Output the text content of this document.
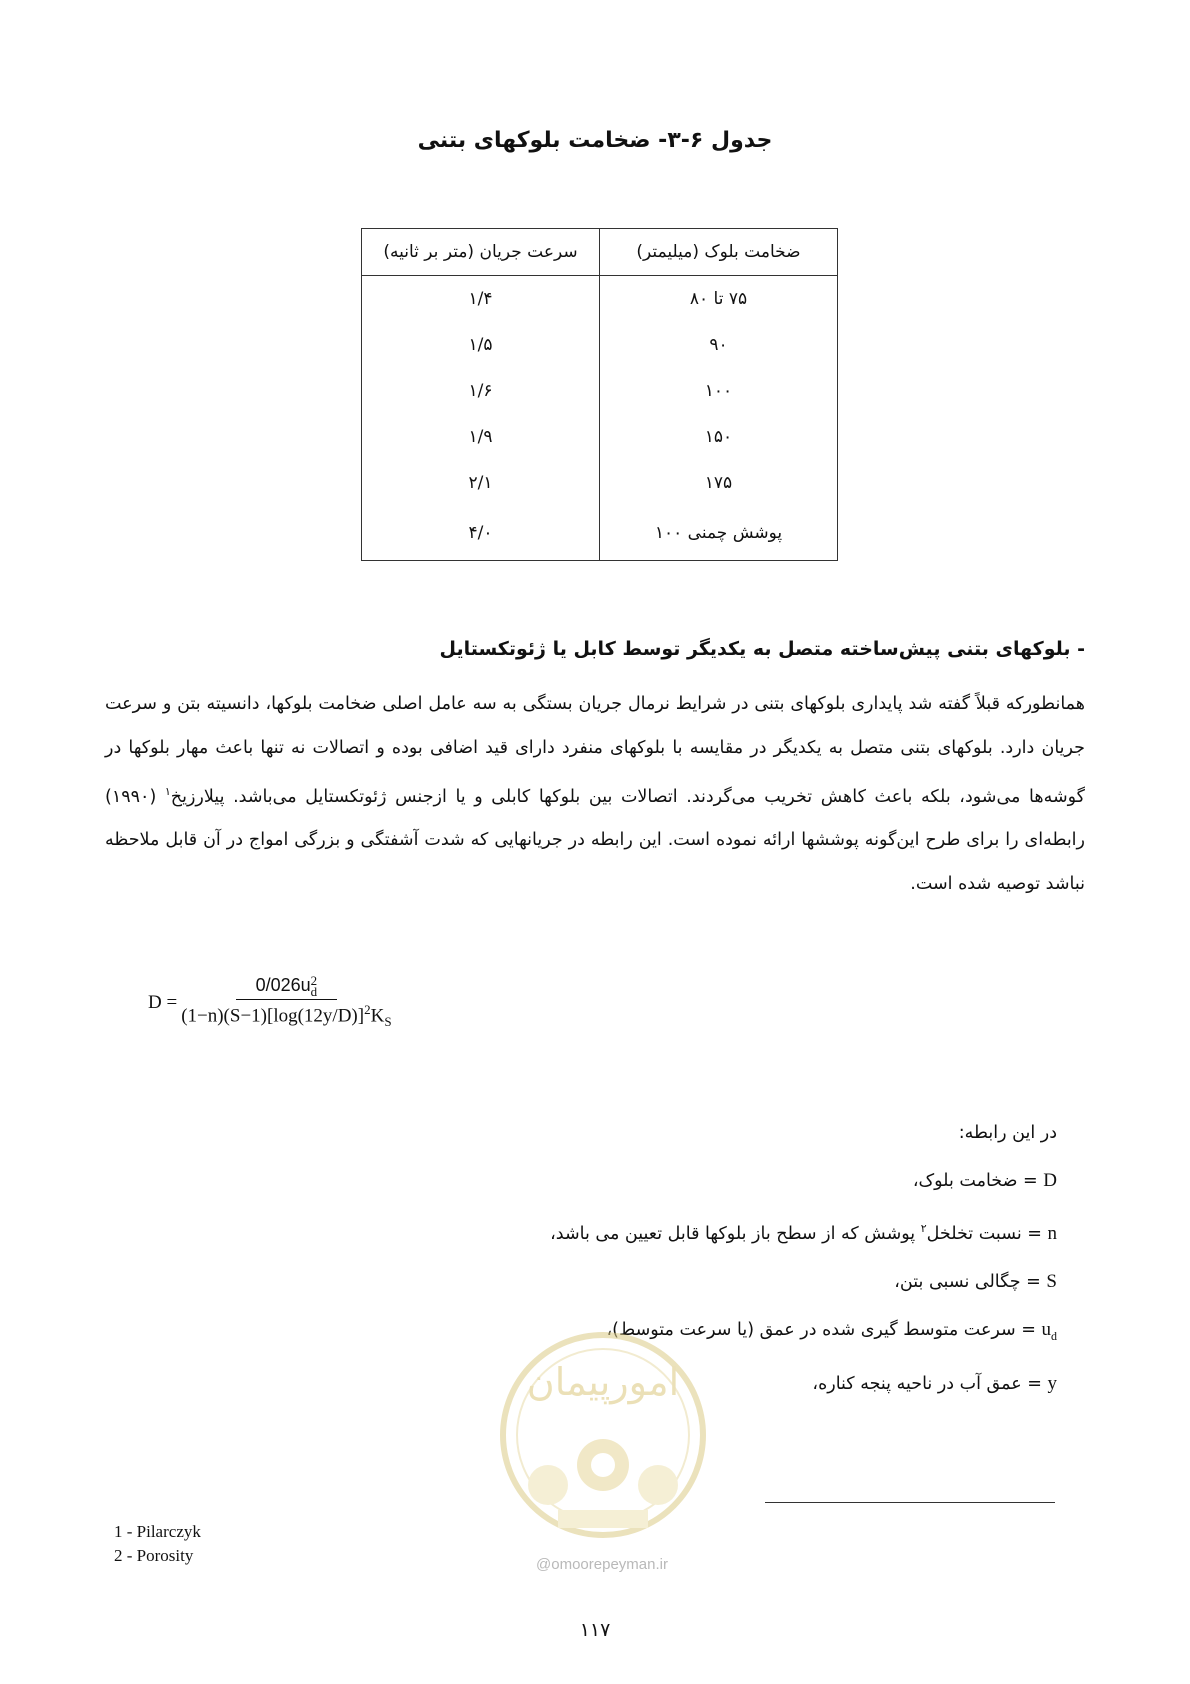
جدول ۶-۳- ضخامت بلوکهای بتنی
ضخامت بلوک (میلیمتر)	سرعت جریان (متر بر ثانیه)
۷۵ تا ۸۰	۱/۴
۹۰	۱/۵
۱۰۰	۱/۶
۱۵۰	۱/۹
۱۷۵	۲/۱
پوشش چمنی ۱۰۰	۴/۰
- بلوکهای بتنی پیش‌ساخته متصل به یکدیگر توسط کابل یا ژئوتکستایل

همانطورکه قبلاً گفته شد پایداری بلوکهای بتنی در شرایط نرمال جریان بستگی به سه عامل اصلی ضخامت بلوکها، دانسیته بتن و سرعت جریان دارد. بلوکهای بتنی متصل به یکدیگر در مقایسه با بلوکهای منفرد دارای قید اضافی بوده و اتصالات نه تنها باعث مهار بلوکها در گوشه‌ها می‌شود، بلکه باعث کاهش تخریب می‌گردند. اتصالات بین بلوکها کابلی و یا ازجنس ژئوتکستایل می‌باشد. پیلارزیخ$^۱$ (۱۹۹۰) رابطه‌ای را برای طرح این‌گونه پوششها ارائه نموده است. این رابطه در جریانهایی که شدت آشفتگی و بزرگی امواج در آن قابل ملاحظه نباشد توصیه شده است.

D = 0/026u 2
d
$(1-n)(S-1)[\log(12y/D)]^2K_S$
در این رابطه:
D = ضخامت بلوک،
n = نسبت تخلخل$^۲$ پوشش که از سطح باز بلوکها قابل تعیین می باشد،
S = چگالی نسبی بتن،
$u_d$ = سرعت متوسط گیری شده در عمق (یا سرعت متوسط)،
y = عمق آب در ناحیه پنجه کناره،
امورپیمان
@omoorepeyman.ir
1 - Pilarczyk
2 - Porosity
۱۱۷
